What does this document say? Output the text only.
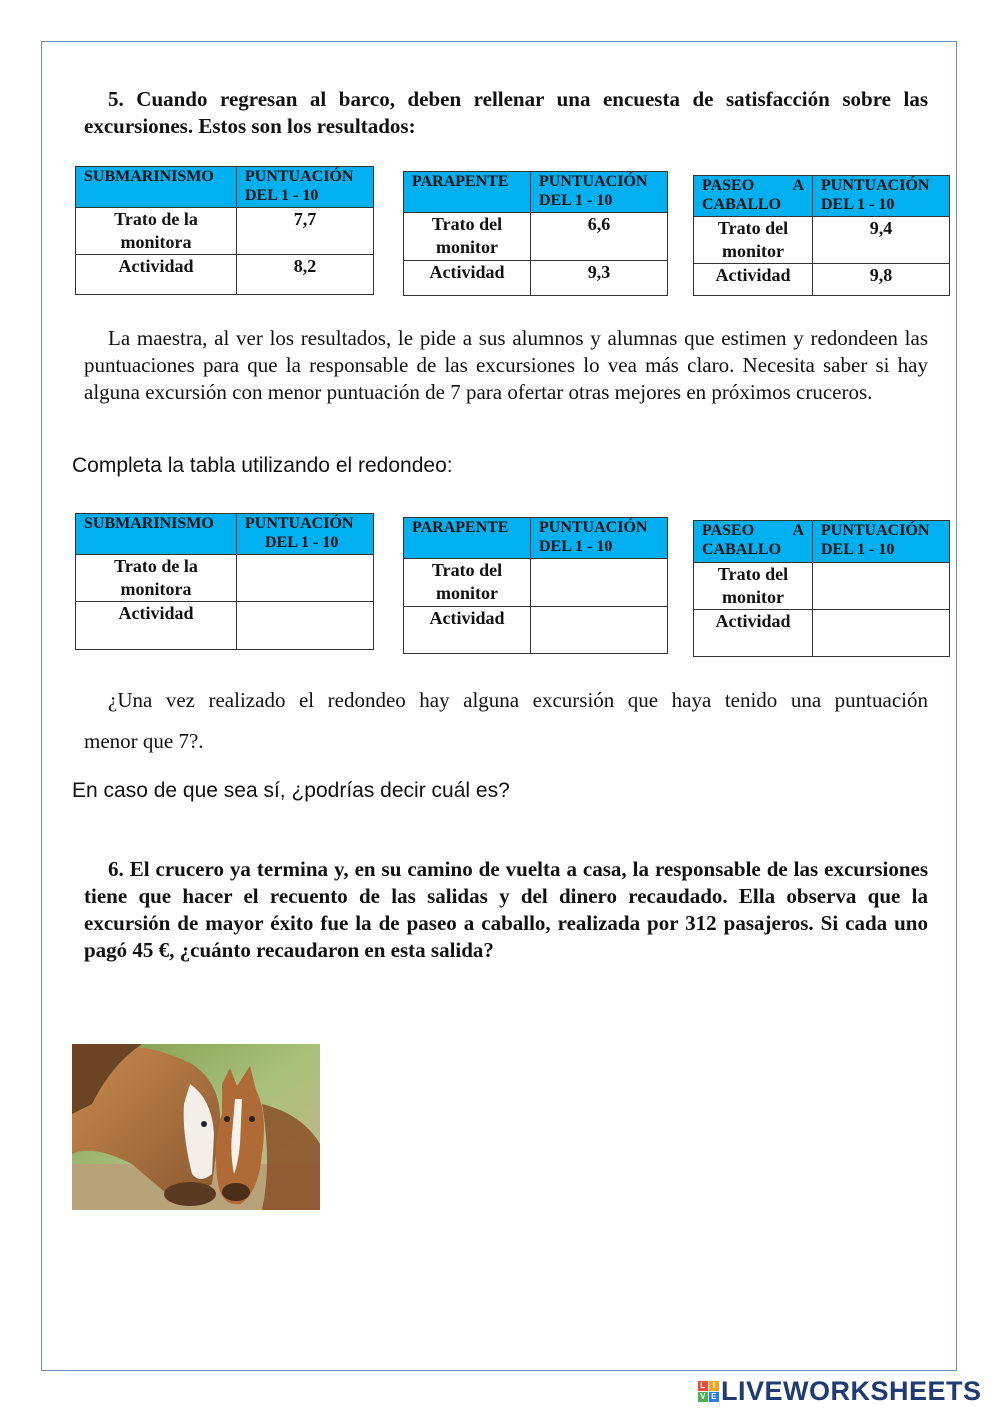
5. Cuando regresan al barco, deben rellenar una encuesta de satisfacción sobre las excursiones. Estos son los resultados:
SUBMARINISMO	PUNTUACIÓN
DEL 1 - 10
Trato de la monitora	7,7
Actividad	8,2
PARAPENTE	PUNTUACIÓN
DEL 1 - 10
Trato del monitor	6,6
Actividad	9,3
PASEO A
CABALLO	PUNTUACIÓN
DEL 1 - 10
Trato del monitor	9,4
Actividad	9,8
La maestra, al ver los resultados, le pide a sus alumnos y alumnas que estimen y redondeen las puntuaciones para que la responsable de las excursiones lo vea más claro. Necesita saber si hay alguna excursión con menor puntuación de 7 para ofertar otras mejores en próximos cruceros.
Completa la tabla utilizando el redondeo:
SUBMARINISMO	PUNTUACIÓN
DEL 1 - 10
Trato de la monitora	
Actividad	
PARAPENTE	PUNTUACIÓN
DEL 1 - 10
Trato del monitor	
Actividad	
PASEO A
CABALLO	PUNTUACIÓN
DEL 1 - 10
Trato del monitor	
Actividad	
¿Una vez realizado el redondeo hay alguna excursión que haya tenido una puntuación
menor que 7?.
En caso de que sea sí, ¿podrías decir cuál es?
6. El crucero ya termina y, en su camino de vuelta a casa, la responsable de las excursiones tiene que hacer el recuento de las salidas y del dinero recaudado. Ella observa que la excursión de mayor éxito fue la de paseo a caballo, realizada por 312 pasajeros. Si cada uno pagó 45 €, ¿cuánto recaudaron en esta salida?
L I
V E LIVEWORKSHEETS
